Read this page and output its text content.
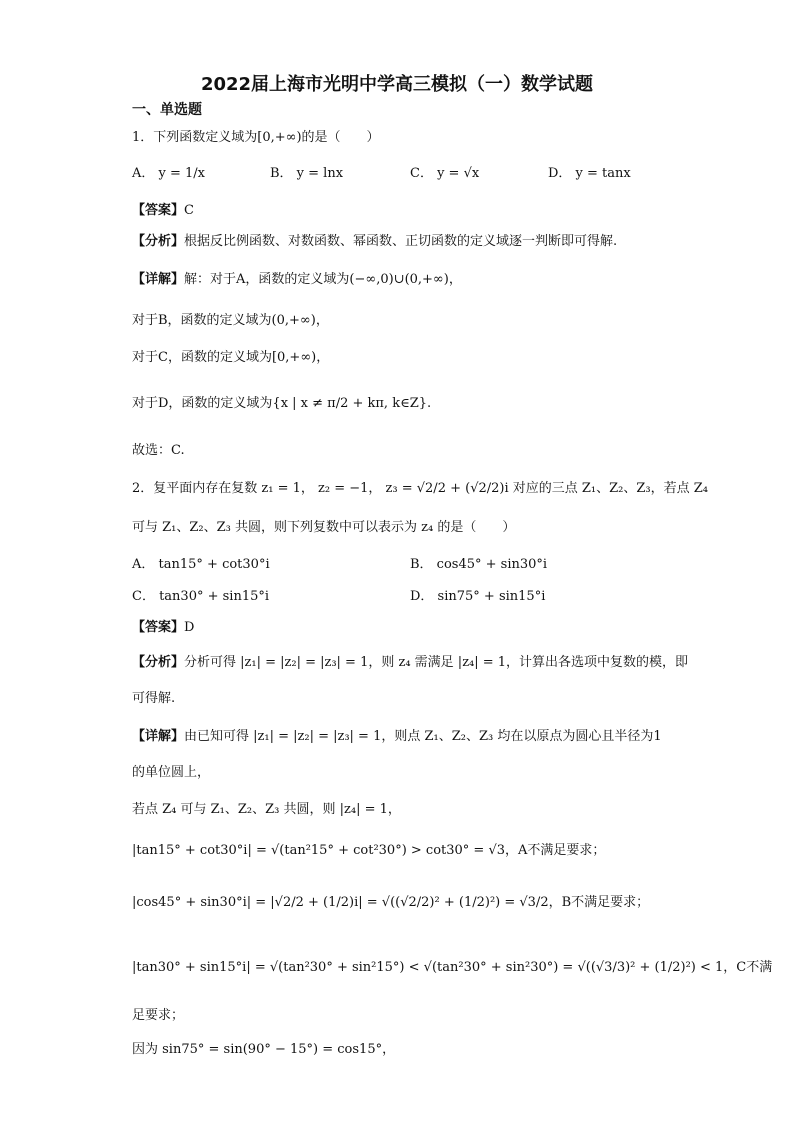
2022届上海市光明中学高三模拟（一）数学试题
一、单选题
1．下列函数定义域为[0,+∞)的是（　　）
A． y = 1/x	B． y = lnx	C． y = √x	D． y = tanx
【答案】C
【分析】根据反比例函数、对数函数、幂函数、正切函数的定义域逐一判断即可得解.
【详解】解：对于A，函数的定义域为(−∞,0)∪(0,+∞)，
对于B，函数的定义域为(0,+∞)，
对于C，函数的定义域为[0,+∞)，
对于D，函数的定义域为{x | x ≠ π/2 + kπ, k∈Z}.
故选：C.
2．复平面内存在复数 z₁ = 1， z₂ = −1， z₃ = √2/2 + (√2/2)i 对应的三点 Z₁、Z₂、Z₃，若点 Z₄
可与 Z₁、Z₂、Z₃ 共圆，则下列复数中可以表示为 z₄ 的是（　　）
A． tan15° + cot30°i	B． cos45° + sin30°i
C． tan30° + sin15°i	D． sin75° + sin15°i
【答案】D
【分析】分析可得 |z₁| = |z₂| = |z₃| = 1，则 z₄ 需满足 |z₄| = 1，计算出各选项中复数的模，即
可得解.
【详解】由已知可得 |z₁| = |z₂| = |z₃| = 1，则点 Z₁、Z₂、Z₃ 均在以原点为圆心且半径为1
的单位圆上，
若点 Z₄ 可与 Z₁、Z₂、Z₃ 共圆，则 |z₄| = 1，
|tan15° + cot30°i| = √(tan²15° + cot²30°) > cot30° = √3，A不满足要求；
|cos45° + sin30°i| = |√2/2 + (1/2)i| = √((√2/2)² + (1/2)²) = √3/2，B不满足要求；
|tan30° + sin15°i| = √(tan²30° + sin²15°) < √(tan²30° + sin²30°) = √((√3/3)² + (1/2)²) < 1，C不满
足要求；
因为 sin75° = sin(90° − 15°) = cos15°，
